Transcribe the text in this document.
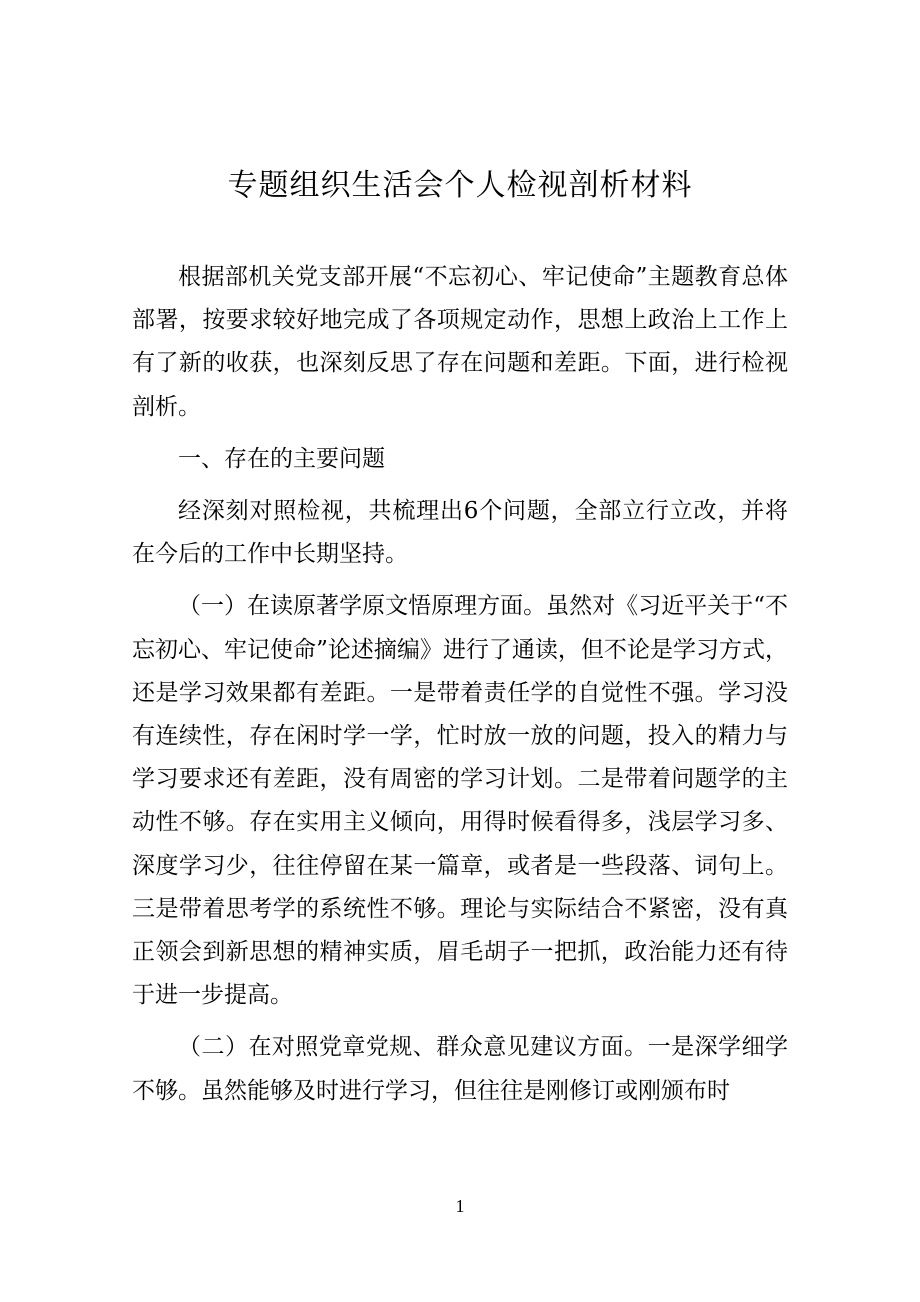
专题组织生活会个人检视剖析材料

根据部机关党支部开展“不忘初心、牢记使命”主题教育总体部署，按要求较好地完成了各项规定动作，思想上政治上工作上有了新的收获，也深刻反思了存在问题和差距。下面，进行检视剖析。

一、存在的主要问题

经深刻对照检视，共梳理出6个问题，全部立行立改，并将在今后的工作中长期坚持。

（一）在读原著学原文悟原理方面。虽然对《习近平关于“不忘初心、牢记使命”论述摘编》进行了通读，但不论是学习方式，还是学习效果都有差距。一是带着责任学的自觉性不强。学习没有连续性，存在闲时学一学，忙时放一放的问题，投入的精力与学习要求还有差距，没有周密的学习计划。二是带着问题学的主动性不够。存在实用主义倾向，用得时候看得多，浅层学习多、深度学习少，往往停留在某一篇章，或者是一些段落、词句上。三是带着思考学的系统性不够。理论与实际结合不紧密，没有真正领会到新思想的精神实质，眉毛胡子一把抓，政治能力还有待于进一步提高。

（二）在对照党章党规、群众意见建议方面。一是深学细学不够。虽然能够及时进行学习，但往往是刚修订或刚颁布时

1
